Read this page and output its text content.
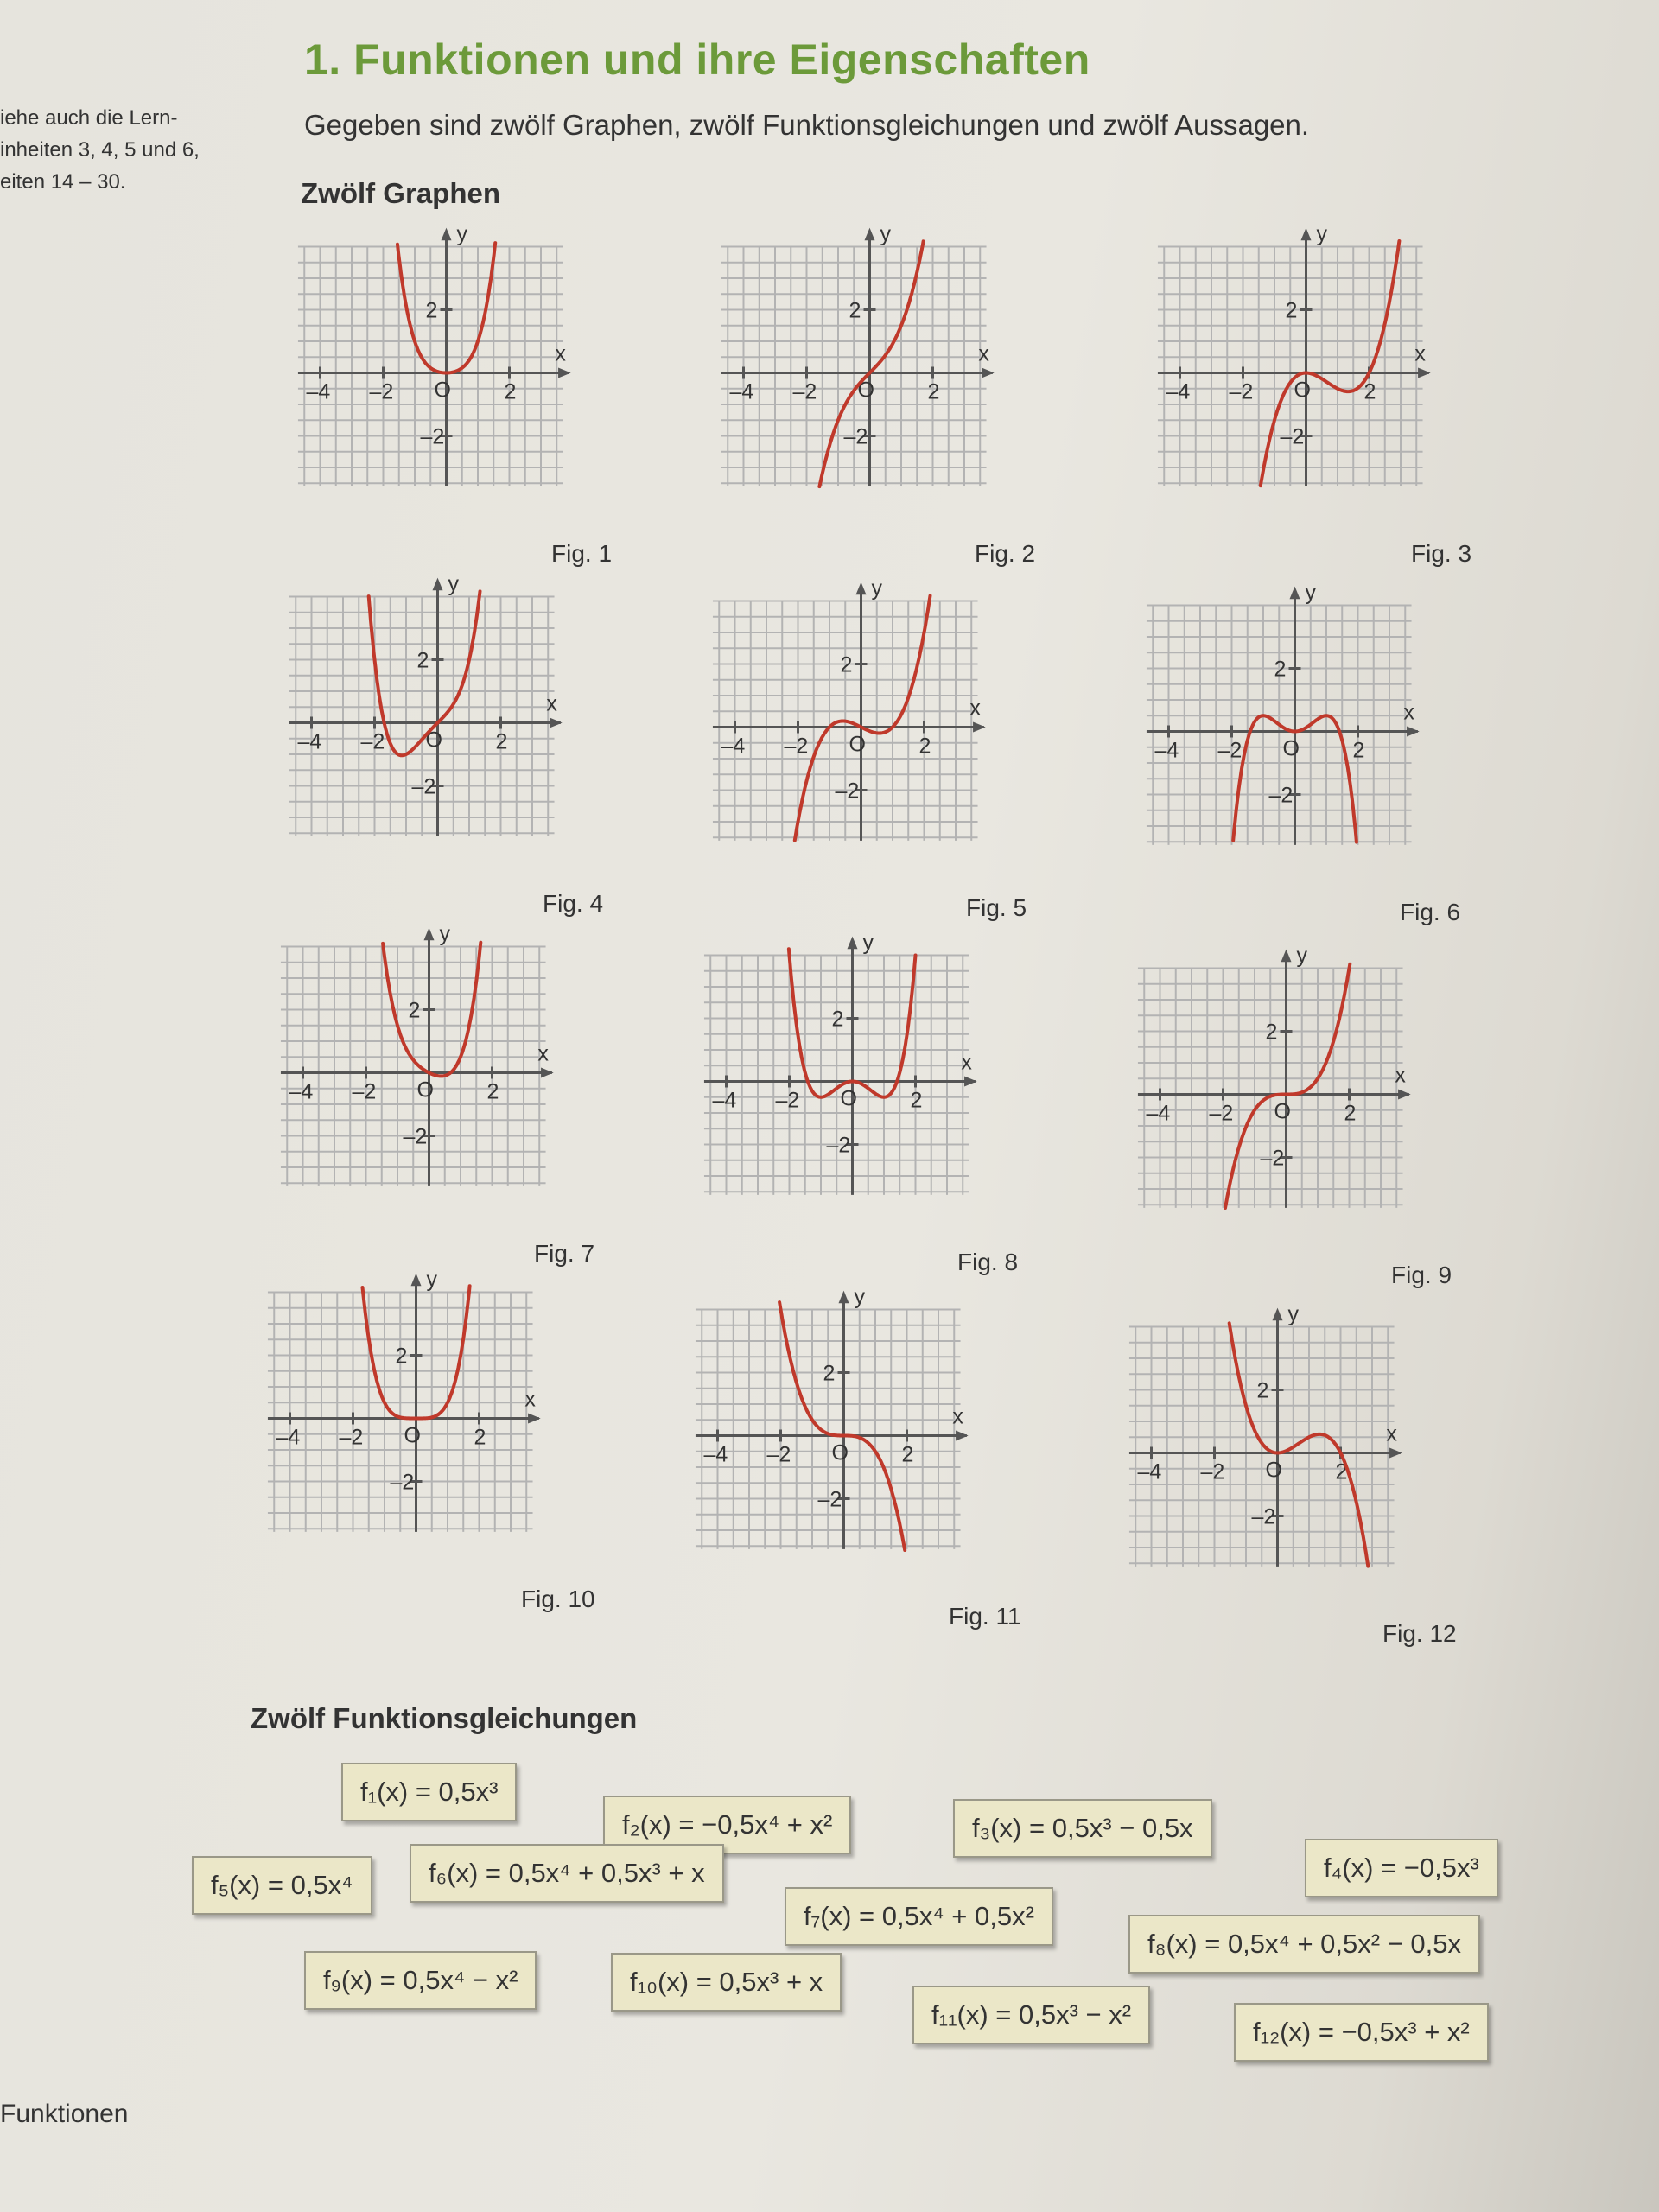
iehe auch die Lern-
inheiten 3, 4, 5 und 6,
eiten 14 – 30.
1. Funktionen und ihre Eigenschaften
Gegeben sind zwölf Graphen, zwölf Funktionsgleichungen und zwölf Aussagen.
Zwölf Graphen
–4 –2	2
O
2
–2
x
y
Fig. 1
–4 –2	2
O
2
–2
x
y
Fig. 2
–4 –2	2
O
2
–2
x
y
Fig. 3
–4 –2	2
O
2
–2
x
y
Fig. 4
–4 –2	2
O
2
–2
x
y
Fig. 5
–4 –2	2
O
2
–2
x
y
Fig. 6
–4 –2	2
O
2
–2
x
y
Fig. 7
–4 –2	2
O
2
–2
x
y
Fig. 8
–4 –2	2
O
2
–2
x
y
Fig. 9
–4 –2	2
O
2
–2
x
y
Fig. 10
–4 –2	2
O
2
–2
x
y
Fig. 11
–4 –2	2
O
2
–2
x
y
Fig. 12
Zwölf Funktionsgleichungen
f₁(x) = 0,5x³
f₂(x) = −0,5x⁴ + x²	f₃(x) = 0,5x³ − 0,5x
f₄(x) = −0,5x³
f₅(x) = 0,5x⁴	f₆(x) = 0,5x⁴ + 0,5x³ + x
f₇(x) = 0,5x⁴ + 0,5x²
f₈(x) = 0,5x⁴ + 0,5x² − 0,5x
f₉(x) = 0,5x⁴ − x²	f₁₀(x) = 0,5x³ + x
f₁₁(x) = 0,5x³ − x²
f₁₂(x) = −0,5x³ + x²
Funktionen
